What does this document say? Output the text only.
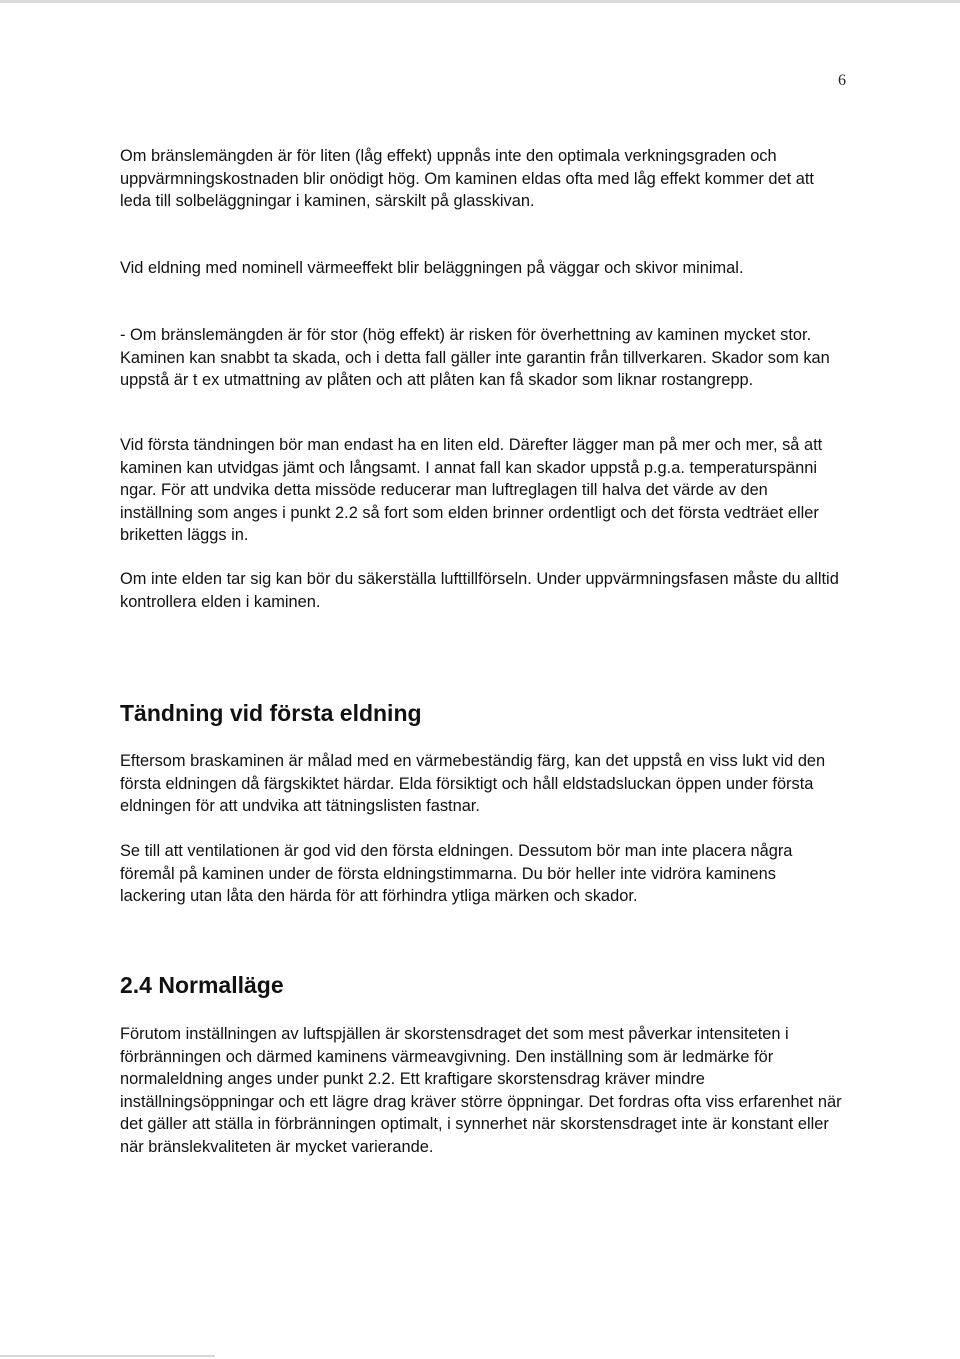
6

Om bränslemängden är för liten (låg effekt) uppnås inte den optimala verkningsgraden och uppvärmningskostnaden blir onödigt hög. Om kaminen eldas ofta med låg effekt kommer det att leda till solbeläggningar i kaminen, särskilt på glasskivan.

Vid eldning med nominell värmeeffekt blir beläggningen på väggar och skivor minimal.

- Om bränslemängden är för stor (hög effekt) är risken för överhettning av kaminen mycket stor. Kaminen kan snabbt ta skada, och i detta fall gäller inte garantin från tillverkaren. Skador som kan uppstå är t ex utmattning av plåten och att plåten kan få skador som liknar rostangrepp.

Vid första tändningen bör man endast ha en liten eld. Därefter lägger man på mer och mer, så att kaminen kan utvidgas jämt och långsamt. I annat fall kan skador uppstå p.g.a. temperaturspänni ngar. För att undvika detta missöde reducerar man luftreglagen till halva det värde av den inställning som anges i punkt 2.2 så fort som elden brinner ordentligt och det första vedträet eller briketten läggs in.

Om inte elden tar sig kan bör du säkerställa lufttillförseln. Under uppvärmningsfasen måste du alltid kontrollera elden i kaminen.

Tändning vid första eldning

Eftersom braskaminen är målad med en värmebeständig färg, kan det uppstå en viss lukt vid den första eldningen då färgskiktet härdar. Elda försiktigt och håll eldstadsluckan öppen under första eldningen för att undvika att tätningslisten fastnar.

Se till att ventilationen är god vid den första eldningen. Dessutom bör man inte placera några föremål på kaminen under de första eldningstimmarna. Du bör heller inte vidröra kaminens lackering utan låta den härda för att förhindra ytliga märken och skador.

2.4 Normalläge

Förutom inställningen av luftspjällen är skorstensdraget det som mest påverkar intensiteten i förbränningen och därmed kaminens värmeavgivning. Den inställning som är ledmärke för normaleldning anges under punkt 2.2. Ett kraftigare skorstensdrag kräver mindre inställningsöppningar och ett lägre drag kräver större öppningar. Det fordras ofta viss erfarenhet när det gäller att ställa in förbränningen optimalt, i synnerhet när skorstensdraget inte är konstant eller när bränslekvaliteten är mycket varierande.
